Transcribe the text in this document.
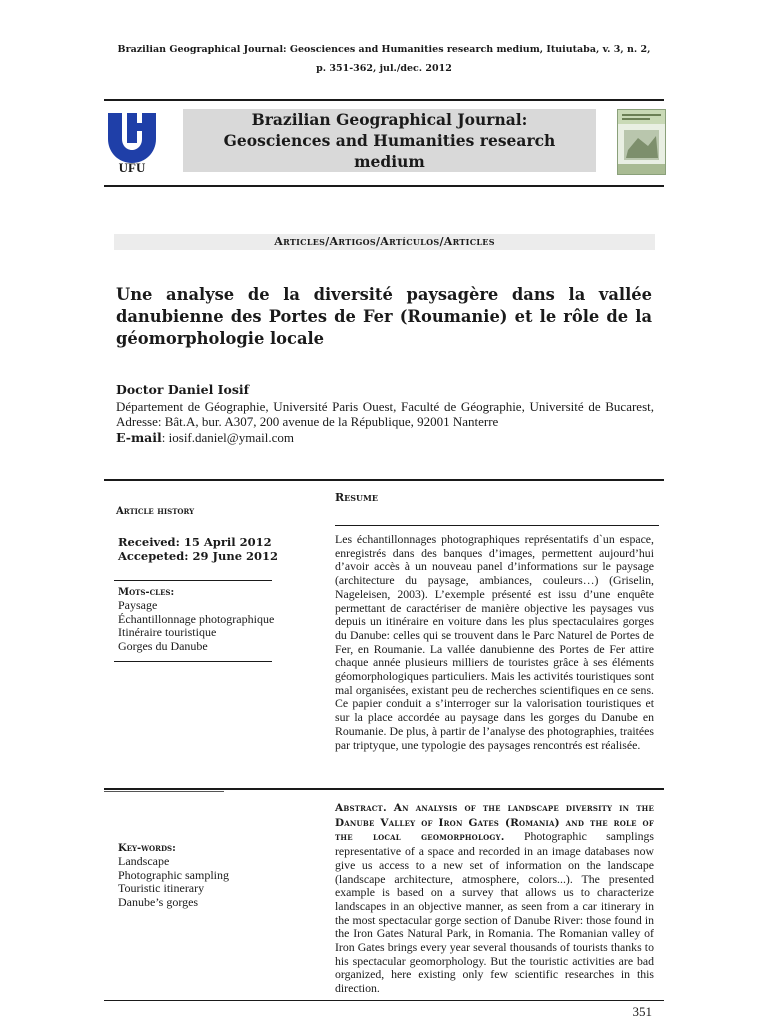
Brazilian Geographical Journal: Geosciences and Humanities research medium, Ituiutaba, v. 3, n. 2,
p. 351-362, jul./dec. 2012
UFU
Brazilian Geographical Journal:
Geosciences and Humanities research
medium
Articles/Artigos/Artículos/Articles
Une analyse de la diversité paysagère dans la vallée danubienne des Portes de Fer (Roumanie) et le rôle de la géomorphologie locale
Doctor Daniel Iosif
Département de Géographie, Université Paris Ouest, Faculté de Géographie, Université de Bucarest, Adresse: Bât.A, bur. A307, 200 avenue de la République, 92001 Nanterre
E-mail: iosif.daniel@ymail.com
Article history
Received: 15 April 2012
Accepeted: 29 June 2012
Mots-cles:
Paysage
Échantillonnage photographique
Itinéraire touristique
Gorges du Danube
Resume
Les échantillonnages photographiques représentatifs d`un espace, enregistrés dans des banques d’images, permettent aujourd’hui d’avoir accès à un nouveau panel d’informations sur le paysage (architecture du paysage, ambiances, couleurs…) (Griselin, Nageleisen, 2003). L’exemple présenté est issu d’une enquête permettant de caractériser de manière objective les paysages vus depuis un itinéraire en voiture dans les plus spectaculaires gorges du Danube: celles qui se trouvent dans le Parc Naturel de Portes de Fer, en Roumanie. La vallée danubienne des Portes de Fer attire chaque année plusieurs milliers de touristes grâce à ses éléments géomorphologiques particuliers. Mais les activités touristiques sont mal organisées, existant peu de recherches scientifiques en ce sens. Ce papier conduit a s’interroger sur la valorisation touristiques et sur la place accordée au paysage dans les gorges du Danube en Roumanie. De plus, à partir de l’analyse des photographies, traitées par triptyque, une typologie des paysages rencontrés est réalisée.
Key-words:
Landscape
Photographic sampling
Touristic itinerary
Danube’s gorges
Abstract. An analysis of the landscape diversity in the Danube Valley of Iron Gates (Romania) and the role of the local geomorphology. Photographic samplings representative of a space and recorded in an image databases now give us access to a new set of information on the landscape (landscape architecture, atmosphere, colors...). The presented example is based on a survey that allows us to characterize landscapes in an objective manner, as seen from a car itinerary in the most spectacular gorge section of Danube River: those found in the Iron Gates Natural Park, in Romania. The Romanian valley of Iron Gates brings every year several thousands of tourists thanks to his spectacular geomorphology. But the touristic activities are bad organized, here existing only few scientific researches in this direction.
351
